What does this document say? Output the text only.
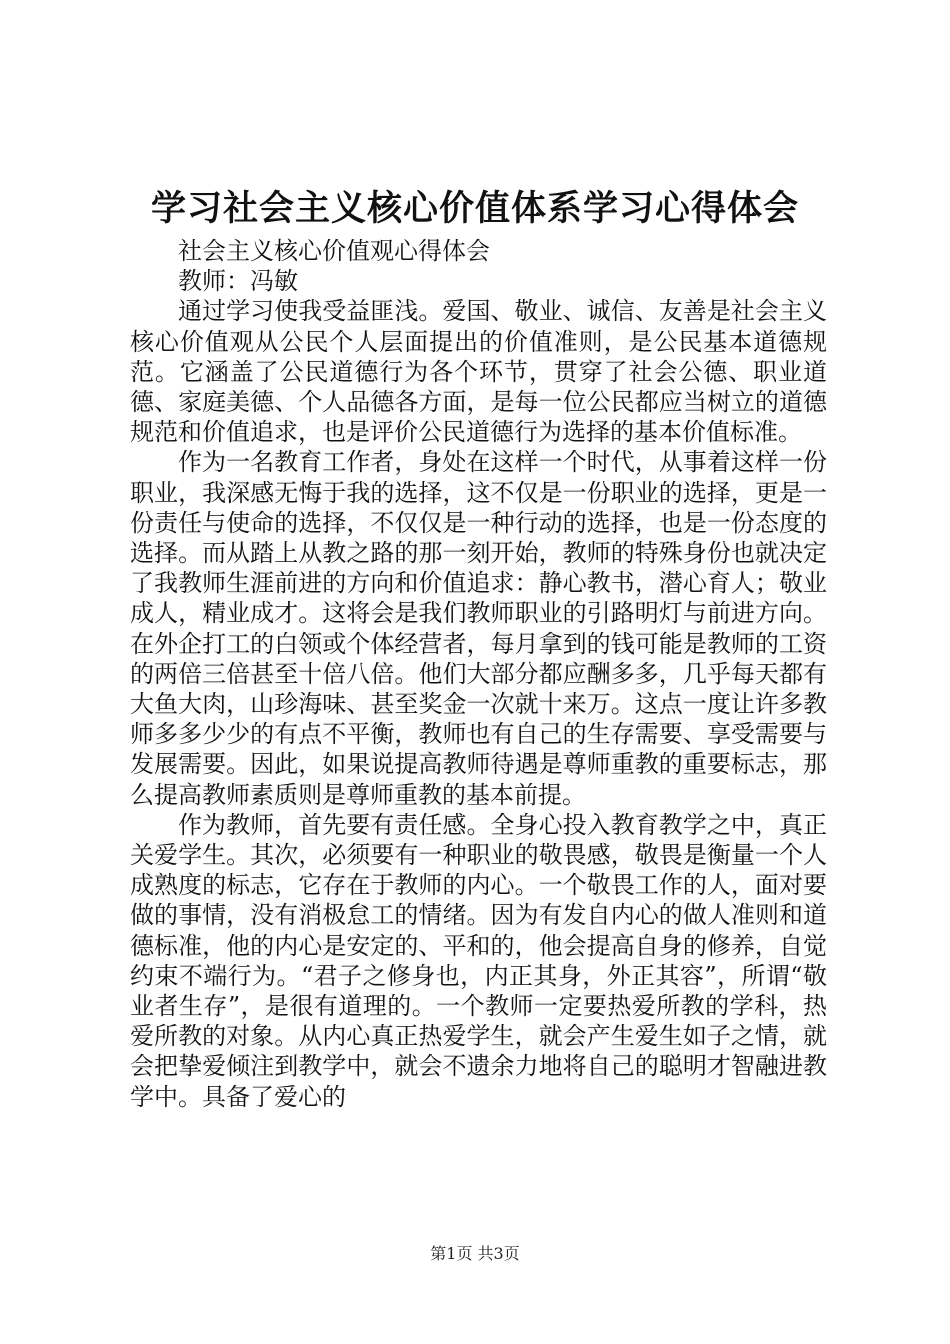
学习社会主义核心价值体系学习心得体会

社会主义核心价值观心得体会

教师：冯敏

通过学习使我受益匪浅。爱国、敬业、诚信、友善是社会主义核心价值观从公民个人层面提出的价值准则，是公民基本道德规范。它涵盖了公民道德行为各个环节，贯穿了社会公德、职业道德、家庭美德、个人品德各方面，是每一位公民都应当树立的道德规范和价值追求，也是评价公民道德行为选择的基本价值标准。

作为一名教育工作者，身处在这样一个时代，从事着这样一份职业，我深感无悔于我的选择，这不仅是一份职业的选择，更是一份责任与使命的选择，不仅仅是一种行动的选择，也是一份态度的选择。而从踏上从教之路的那一刻开始，教师的特殊身份也就决定了我教师生涯前进的方向和价值追求：静心教书，潜心育人；敬业成人，精业成才。这将会是我们教师职业的引路明灯与前进方向。在外企打工的白领或个体经营者，每月拿到的钱可能是教师的工资的两倍三倍甚至十倍八倍。他们大部分都应酬多多，几乎每天都有大鱼大肉，山珍海味、甚至奖金一次就十来万。这点一度让许多教师多多少少的有点不平衡，教师也有自己的生存需要、享受需要与发展需要。因此，如果说提高教师待遇是尊师重教的重要标志，那么提高教师素质则是尊师重教的基本前提。

作为教师，首先要有责任感。全身心投入教育教学之中，真正关爱学生。其次，必须要有一种职业的敬畏感，敬畏是衡量一个人成熟度的标志，它存在于教师的内心。一个敬畏工作的人，面对要做的事情，没有消极怠工的情绪。因为有发自内心的做人准则和道德标准，他的内心是安定的、平和的，他会提高自身的修养，自觉约束不端行为。“君子之修身也，内正其身，外正其容”，所谓“敬业者生存”，是很有道理的。一个教师一定要热爱所教的学科，热爱所教的对象。从内心真正热爱学生，就会产生爱生如子之情，就会把挚爱倾注到教学中，就会不遗余力地将自己的聪明才智融进教学中。具备了爱心的

第1页 共3页
